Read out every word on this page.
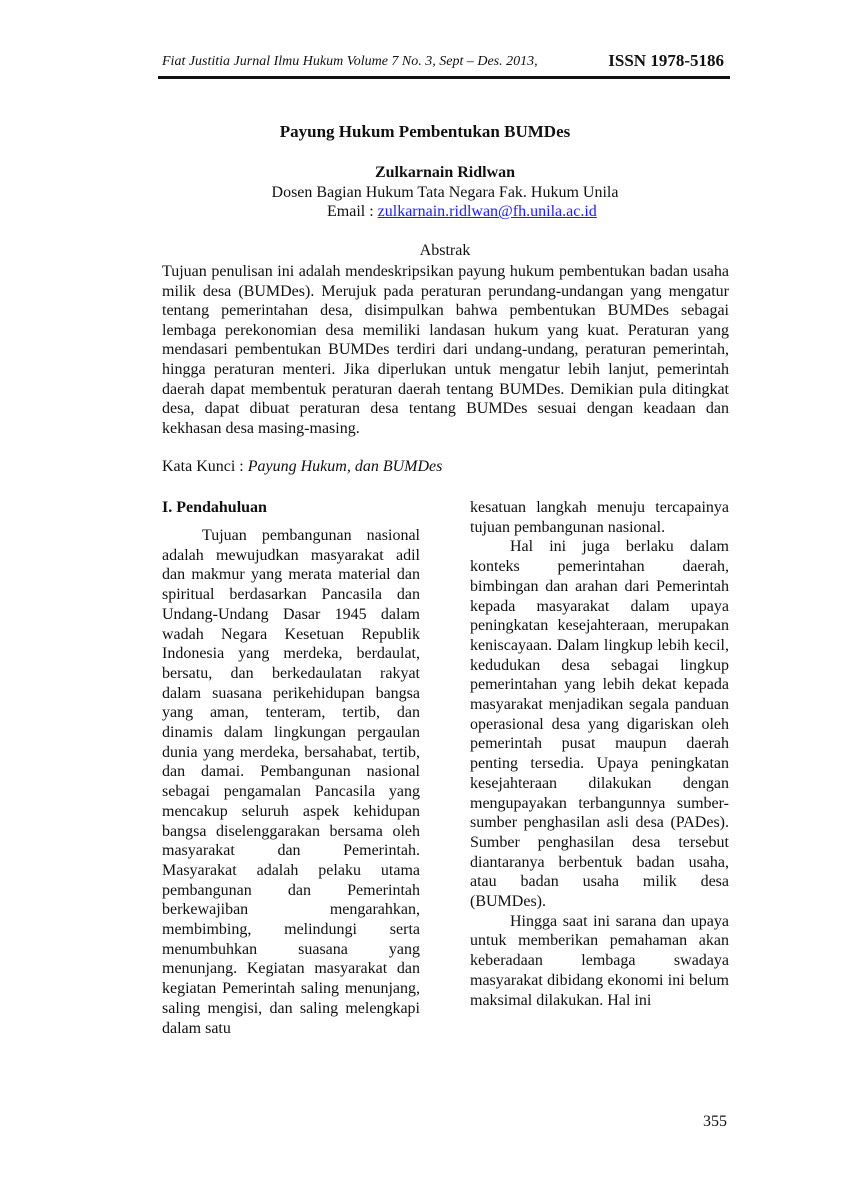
Fiat Justitia Jurnal Ilmu Hukum Volume 7 No. 3, Sept – Des. 2013,	ISSN 1978-5186
Payung Hukum Pembentukan BUMDes
Zulkarnain Ridlwan
Dosen Bagian Hukum Tata Negara Fak. Hukum Unila
Email : zulkarnain.ridlwan@fh.unila.ac.id
Abstrak
Tujuan penulisan ini adalah mendeskripsikan payung hukum pembentukan badan usaha milik desa (BUMDes). Merujuk pada peraturan perundang-undangan yang mengatur tentang pemerintahan desa, disimpulkan bahwa pembentukan BUMDes sebagai lembaga perekonomian desa memiliki landasan hukum yang kuat. Peraturan yang mendasari pembentukan BUMDes terdiri dari undang-undang, peraturan pemerintah, hingga peraturan menteri. Jika diperlukan untuk mengatur lebih lanjut, pemerintah daerah dapat membentuk peraturan daerah tentang BUMDes. Demikian pula ditingkat desa, dapat dibuat peraturan desa tentang BUMDes sesuai dengan keadaan dan kekhasan desa masing-masing.
Kata Kunci : Payung Hukum, dan BUMDes
I. Pendahuluan

Tujuan pembangunan nasional adalah mewujudkan masyarakat adil dan makmur yang merata material dan spiritual berdasarkan Pancasila dan Undang-Undang Dasar 1945 dalam wadah Negara Kesetuan Republik Indonesia yang merdeka, berdaulat, bersatu, dan berkedaulatan rakyat dalam suasana perikehidupan bangsa yang aman, tenteram, tertib, dan dinamis dalam lingkungan pergaulan dunia yang merdeka, bersahabat, tertib, dan damai. Pembangunan nasional sebagai pengamalan Pancasila yang mencakup seluruh aspek kehidupan bangsa diselenggarakan bersama oleh masyarakat dan Pemerintah. Masyarakat adalah pelaku utama pembangunan dan Pemerintah berkewajiban mengarahkan, membimbing, melindungi serta menumbuhkan suasana yang menunjang. Kegiatan masyarakat dan kegiatan Pemerintah saling menunjang, saling mengisi, dan saling melengkapi dalam satu

kesatuan langkah menuju tercapainya tujuan pembangunan nasional.

Hal ini juga berlaku dalam konteks pemerintahan daerah, bimbingan dan arahan dari Pemerintah kepada masyarakat dalam upaya peningkatan kesejahteraan, merupakan keniscayaan. Dalam lingkup lebih kecil, kedudukan desa sebagai lingkup pemerintahan yang lebih dekat kepada masyarakat menjadikan segala panduan operasional desa yang digariskan oleh pemerintah pusat maupun daerah penting tersedia. Upaya peningkatan kesejahteraan dilakukan dengan mengupayakan terbangunnya sumber-sumber penghasilan asli desa (PADes). Sumber penghasilan desa tersebut diantaranya berbentuk badan usaha, atau badan usaha milik desa (BUMDes).

Hingga saat ini sarana dan upaya untuk memberikan pemahaman akan keberadaan lembaga swadaya masyarakat dibidang ekonomi ini belum maksimal dilakukan. Hal ini

355
